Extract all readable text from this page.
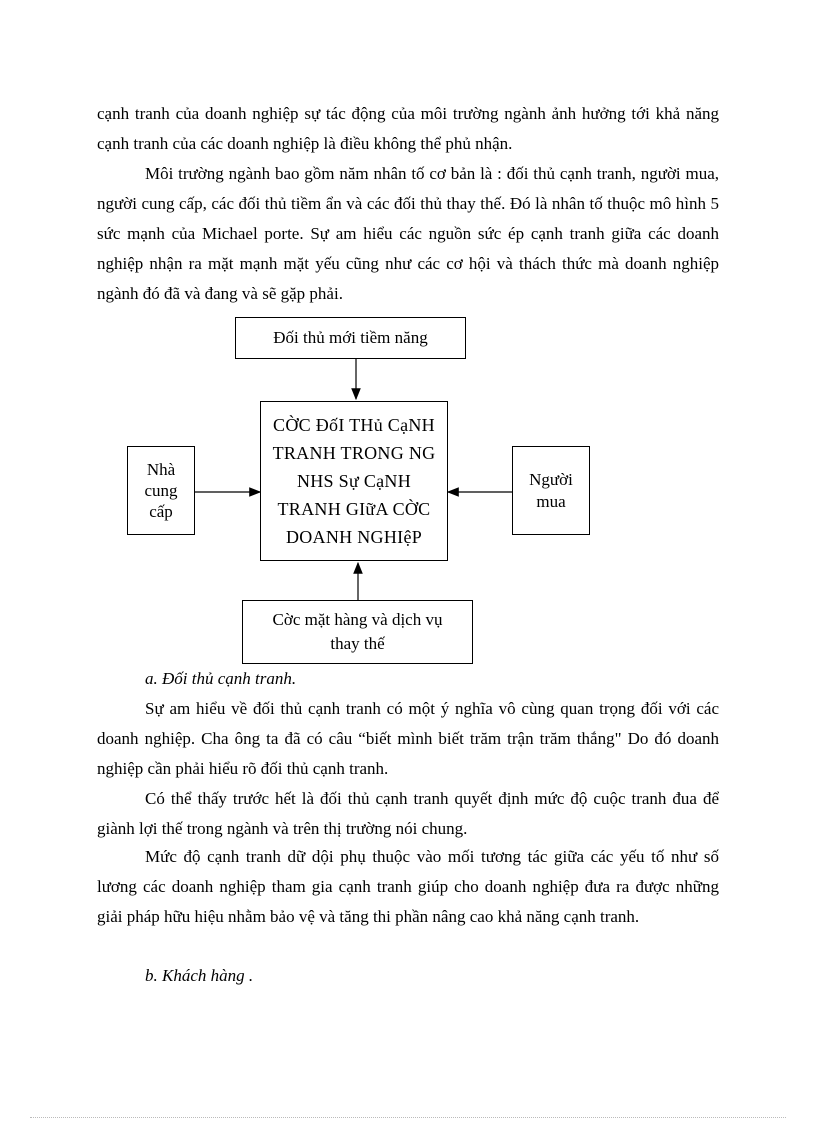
cạnh tranh của doanh nghiệp sự tác động của môi trường ngành ảnh hưởng tới khả năng cạnh tranh của các doanh nghiệp là điều không thể phủ nhận.

Môi trường ngành bao gồm năm nhân tố cơ bản là : đối thủ cạnh tranh, người mua, người cung cấp, các đối thủ tiềm ẩn và các đối thủ thay thế. Đó là nhân tố thuộc mô hình 5 sức mạnh của Michael porte. Sự am hiểu các nguồn sức ép cạnh tranh giữa các doanh nghiệp nhận ra mặt mạnh mặt yếu cũng như các cơ hội và thách thức mà doanh nghiệp ngành đó đã và đang và sẽ gặp phải.

Đối thủ mới tiềm năng
CỜC ĐốI THủ CạNH TRANH TRONG NG NHS Sự CạNH TRANH GIữA CỜC DOANH NGHIệP
Nhà cung cấp
Người mua
Cờc mặt hàng và dịch vụ thay thế

a. Đối thủ cạnh tranh.

Sự am hiểu về đối thủ cạnh tranh có một ý nghĩa vô cùng quan trọng đối với các doanh nghiệp. Cha ông ta đã có câu “biết mình biết trăm trận trăm thắng" Do đó doanh nghiệp cần phải hiểu rõ đối thủ cạnh tranh.

Có thể thấy trước hết là đối thủ cạnh tranh quyết định mức độ cuộc tranh đua để giành lợi thế trong ngành và trên thị trường nói chung.

Mức độ cạnh tranh dữ dội phụ thuộc vào mối tương tác giữa các yếu tố như số lương các doanh nghiệp tham gia cạnh tranh giúp cho doanh nghiệp đưa ra được những giải pháp hữu hiệu nhằm bảo vệ và tăng thi phần nâng cao khả năng cạnh tranh.

b. Khách hàng .
